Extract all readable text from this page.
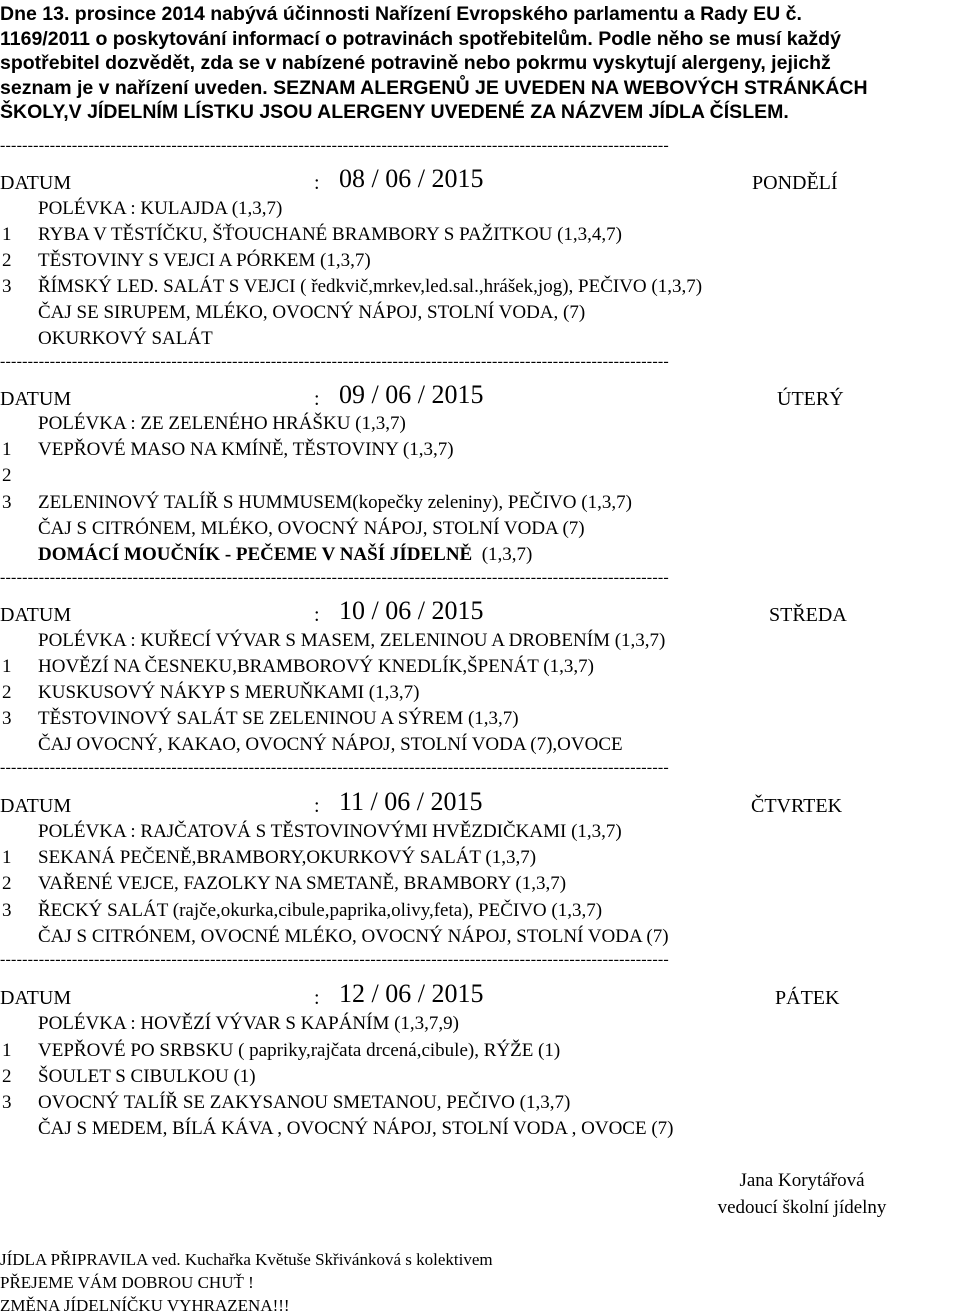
Dne 13. prosince 2014 nabývá účinnosti Nařízení Evropského parlamentu a Rady EU č.
1169/2011 o poskytování informací o potravinách spotřebitelům. Podle něho se musí každý
spotřebitel dozvědět, zda se v nabízené potravině nebo pokrmu vyskytují alergeny, jejichž
seznam je v nařízení uveden. SEZNAM ALERGENŮ JE UVEDEN NA WEBOVÝCH STRÁNKÁCH
ŠKOLY,V JÍDELNÍM LÍSTKU JSOU ALERGENY UVEDENÉ ZA NÁZVEM JÍDLA ČÍSLEM.
-------------------------------------------------------------------------------------------------------------------------
DATUM	: 08 / 06 / 2015	PONDĚLÍ
POLÉVKA : KULAJDA (1,3,7)
1 RYBA V TĚSTÍČKU, ŠŤOUCHANÉ BRAMBORY S PAŽITKOU (1,3,4,7)
2 TĚSTOVINY S VEJCI A PÓRKEM (1,3,7)
3 ŘÍMSKÝ LED. SALÁT S VEJCI ( ředkvič,mrkev,led.sal.,hrášek,jog), PEČIVO (1,3,7)
ČAJ SE SIRUPEM, MLÉKO, OVOCNÝ NÁPOJ, STOLNÍ VODA, (7)
OKURKOVÝ SALÁT
-------------------------------------------------------------------------------------------------------------------------
DATUM	: 09 / 06 / 2015	ÚTERÝ
POLÉVKA : ZE ZELENÉHO HRÁŠKU (1,3,7)
1 VEPŘOVÉ MASO NA KMÍNĚ, TĚSTOVINY (1,3,7)
2
3 ZELENINOVÝ TALÍŘ S HUMMUSEM(kopečky zeleniny), PEČIVO (1,3,7)
ČAJ S CITRÓNEM, MLÉKO, OVOCNÝ NÁPOJ, STOLNÍ VODA (7)
DOMÁCÍ MOUČNÍK - PEČEME V NAŠÍ JÍDELNĚ  (1,3,7)
-------------------------------------------------------------------------------------------------------------------------
DATUM	: 10 / 06 / 2015	STŘEDA
POLÉVKA : KUŘECÍ VÝVAR S MASEM, ZELENINOU A DROBENÍM (1,3,7)
1 HOVĚZÍ NA ČESNEKU,BRAMBOROVÝ KNEDLÍK,ŠPENÁT (1,3,7)
2 KUSKUSOVÝ NÁKYP S MERUŇKAMI (1,3,7)
3 TĚSTOVINOVÝ SALÁT SE ZELENINOU A SÝREM (1,3,7)
ČAJ OVOCNÝ, KAKAO, OVOCNÝ NÁPOJ, STOLNÍ VODA (7),OVOCE
-------------------------------------------------------------------------------------------------------------------------
DATUM	: 11 / 06 / 2015	ČTVRTEK
POLÉVKA : RAJČATOVÁ S TĚSTOVINOVÝMI HVĚZDIČKAMI (1,3,7)
1 SEKANÁ PEČENĚ,BRAMBORY,OKURKOVÝ SALÁT (1,3,7)
2 VAŘENÉ VEJCE, FAZOLKY NA SMETANĚ, BRAMBORY (1,3,7)
3 ŘECKÝ SALÁT (rajče,okurka,cibule,paprika,olivy,feta), PEČIVO (1,3,7)
ČAJ S CITRÓNEM, OVOCNÉ MLÉKO, OVOCNÝ NÁPOJ, STOLNÍ VODA (7)
-------------------------------------------------------------------------------------------------------------------------
DATUM	: 12 / 06 / 2015	PÁTEK
POLÉVKA : HOVĚZÍ VÝVAR S KAPÁNÍM (1,3,7,9)
1 VEPŘOVÉ PO SRBSKU ( papriky,rajčata drcená,cibule), RÝŽE (1)
2 ŠOULET S CIBULKOU (1)
3 OVOCNÝ TALÍŘ SE ZAKYSANOU SMETANOU, PEČIVO (1,3,7)
ČAJ S MEDEM, BÍLÁ KÁVA , OVOCNÝ NÁPOJ, STOLNÍ VODA , OVOCE (7)
Jana Korytářová
vedoucí školní jídelny
JÍDLA PŘIPRAVILA ved. Kuchařka Květuše Skřivánková s kolektivem
PŘEJEME VÁM DOBROU CHUŤ !
ZMĚNA JÍDELNÍČKU VYHRAZENA!!!
